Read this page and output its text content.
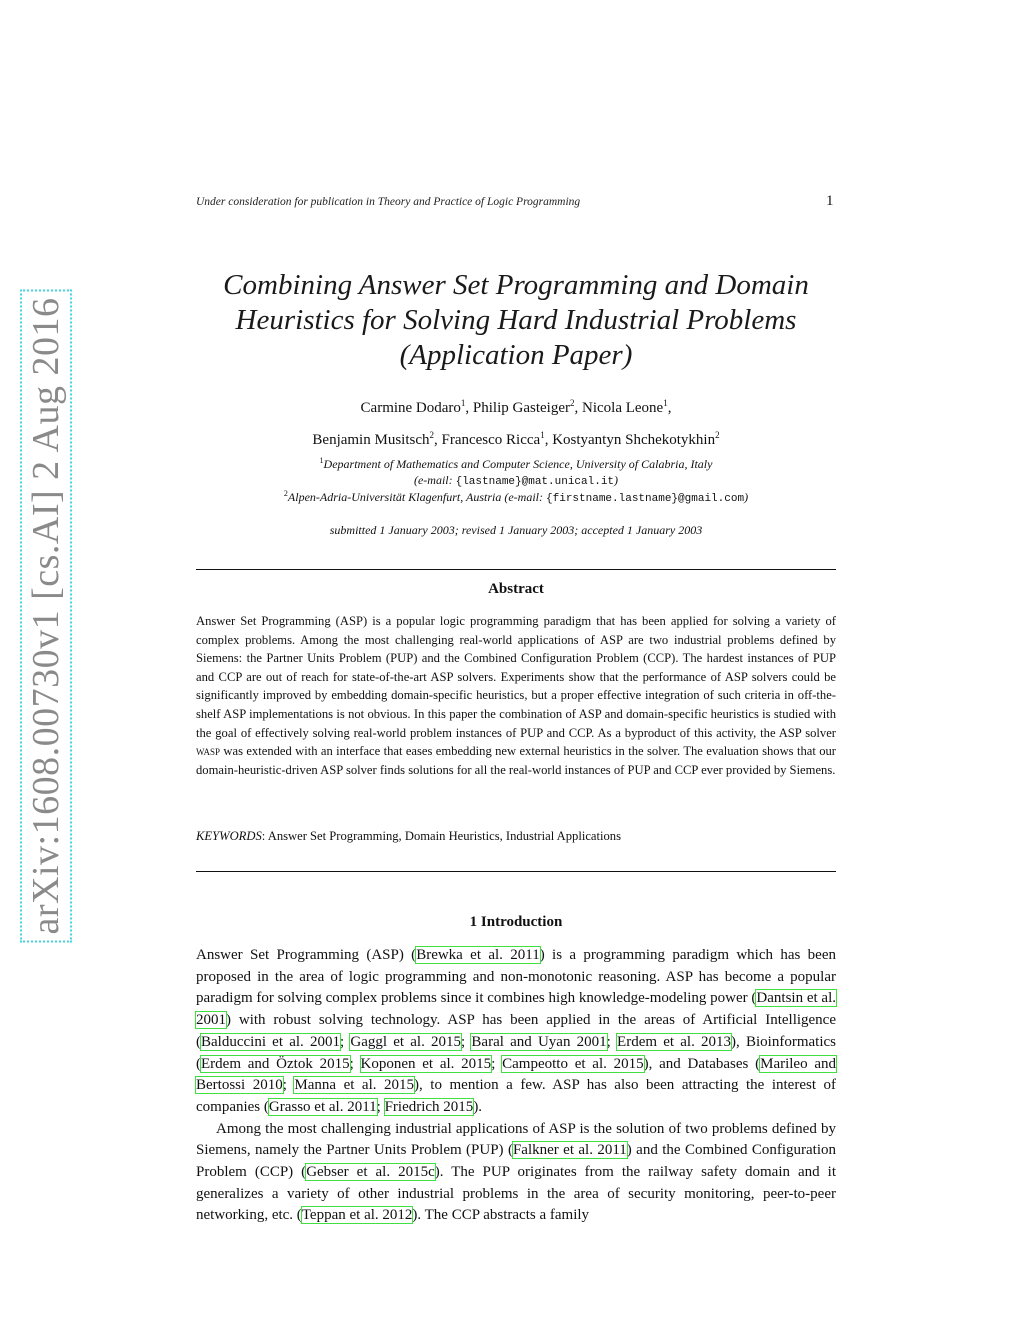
arXiv:1608.00730v1 [cs.AI] 2 Aug 2016
Under consideration for publication in Theory and Practice of Logic Programming	1
Combining Answer Set Programming and Domain
Heuristics for Solving Hard Industrial Problems
(Application Paper)
Carmine Dodaro$^1$, Philip Gasteiger$^2$, Nicola Leone$^1$,
Benjamin Musitsch$^2$, Francesco Ricca$^1$, Kostyantyn Shchekotykhin$^2$
$^1$Department of Mathematics and Computer Science, University of Calabria, Italy
(e-mail: {lastname}@mat.unical.it)
$^2$Alpen-Adria-Universität Klagenfurt, Austria (e-mail: {firstname.lastname}@gmail.com)
submitted 1 January 2003; revised 1 January 2003; accepted 1 January 2003
Abstract
Answer Set Programming (ASP) is a popular logic programming paradigm that has been applied for solving a variety of complex problems. Among the most challenging real-world applications of ASP are two industrial problems defined by Siemens: the Partner Units Problem (PUP) and the Combined Configuration Problem (CCP). The hardest instances of PUP and CCP are out of reach for state-of-the-art ASP solvers. Experiments show that the performance of ASP solvers could be significantly improved by embedding domain-specific heuristics, but a proper effective integration of such criteria in off-the-shelf ASP implementations is not obvious. In this paper the combination of ASP and domain-specific heuristics is studied with the goal of effectively solving real-world problem instances of PUP and CCP. As a byproduct of this activity, the ASP solver wasp was extended with an interface that eases embedding new external heuristics in the solver. The evaluation shows that our domain-heuristic-driven ASP solver finds solutions for all the real-world instances of PUP and CCP ever provided by Siemens.
KEYWORDS: Answer Set Programming, Domain Heuristics, Industrial Applications
1 Introduction

Answer Set Programming (ASP) (Brewka et al. 2011) is a programming paradigm which has been proposed in the area of logic programming and non-monotonic reasoning. ASP has become a popular paradigm for solving complex problems since it combines high knowledge-modeling power (Dantsin et al. 2001) with robust solving technology. ASP has been applied in the areas of Artificial Intelligence (Balduccini et al. 2001; Gaggl et al. 2015; Baral and Uyan 2001; Erdem et al. 2013), Bioinformatics (Erdem and Öztok 2015; Koponen et al. 2015; Campeotto et al. 2015), and Databases (Marileo and Bertossi 2010; Manna et al. 2015), to mention a few. ASP has also been attracting the interest of companies (Grasso et al. 2011; Friedrich 2015).

Among the most challenging industrial applications of ASP is the solution of two problems defined by Siemens, namely the Partner Units Problem (PUP) (Falkner et al. 2011) and the Combined Configuration Problem (CCP) (Gebser et al. 2015c). The PUP originates from the railway safety domain and it generalizes a variety of other industrial problems in the area of security monitoring, peer-to-peer networking, etc. (Teppan et al. 2012). The CCP abstracts a family
